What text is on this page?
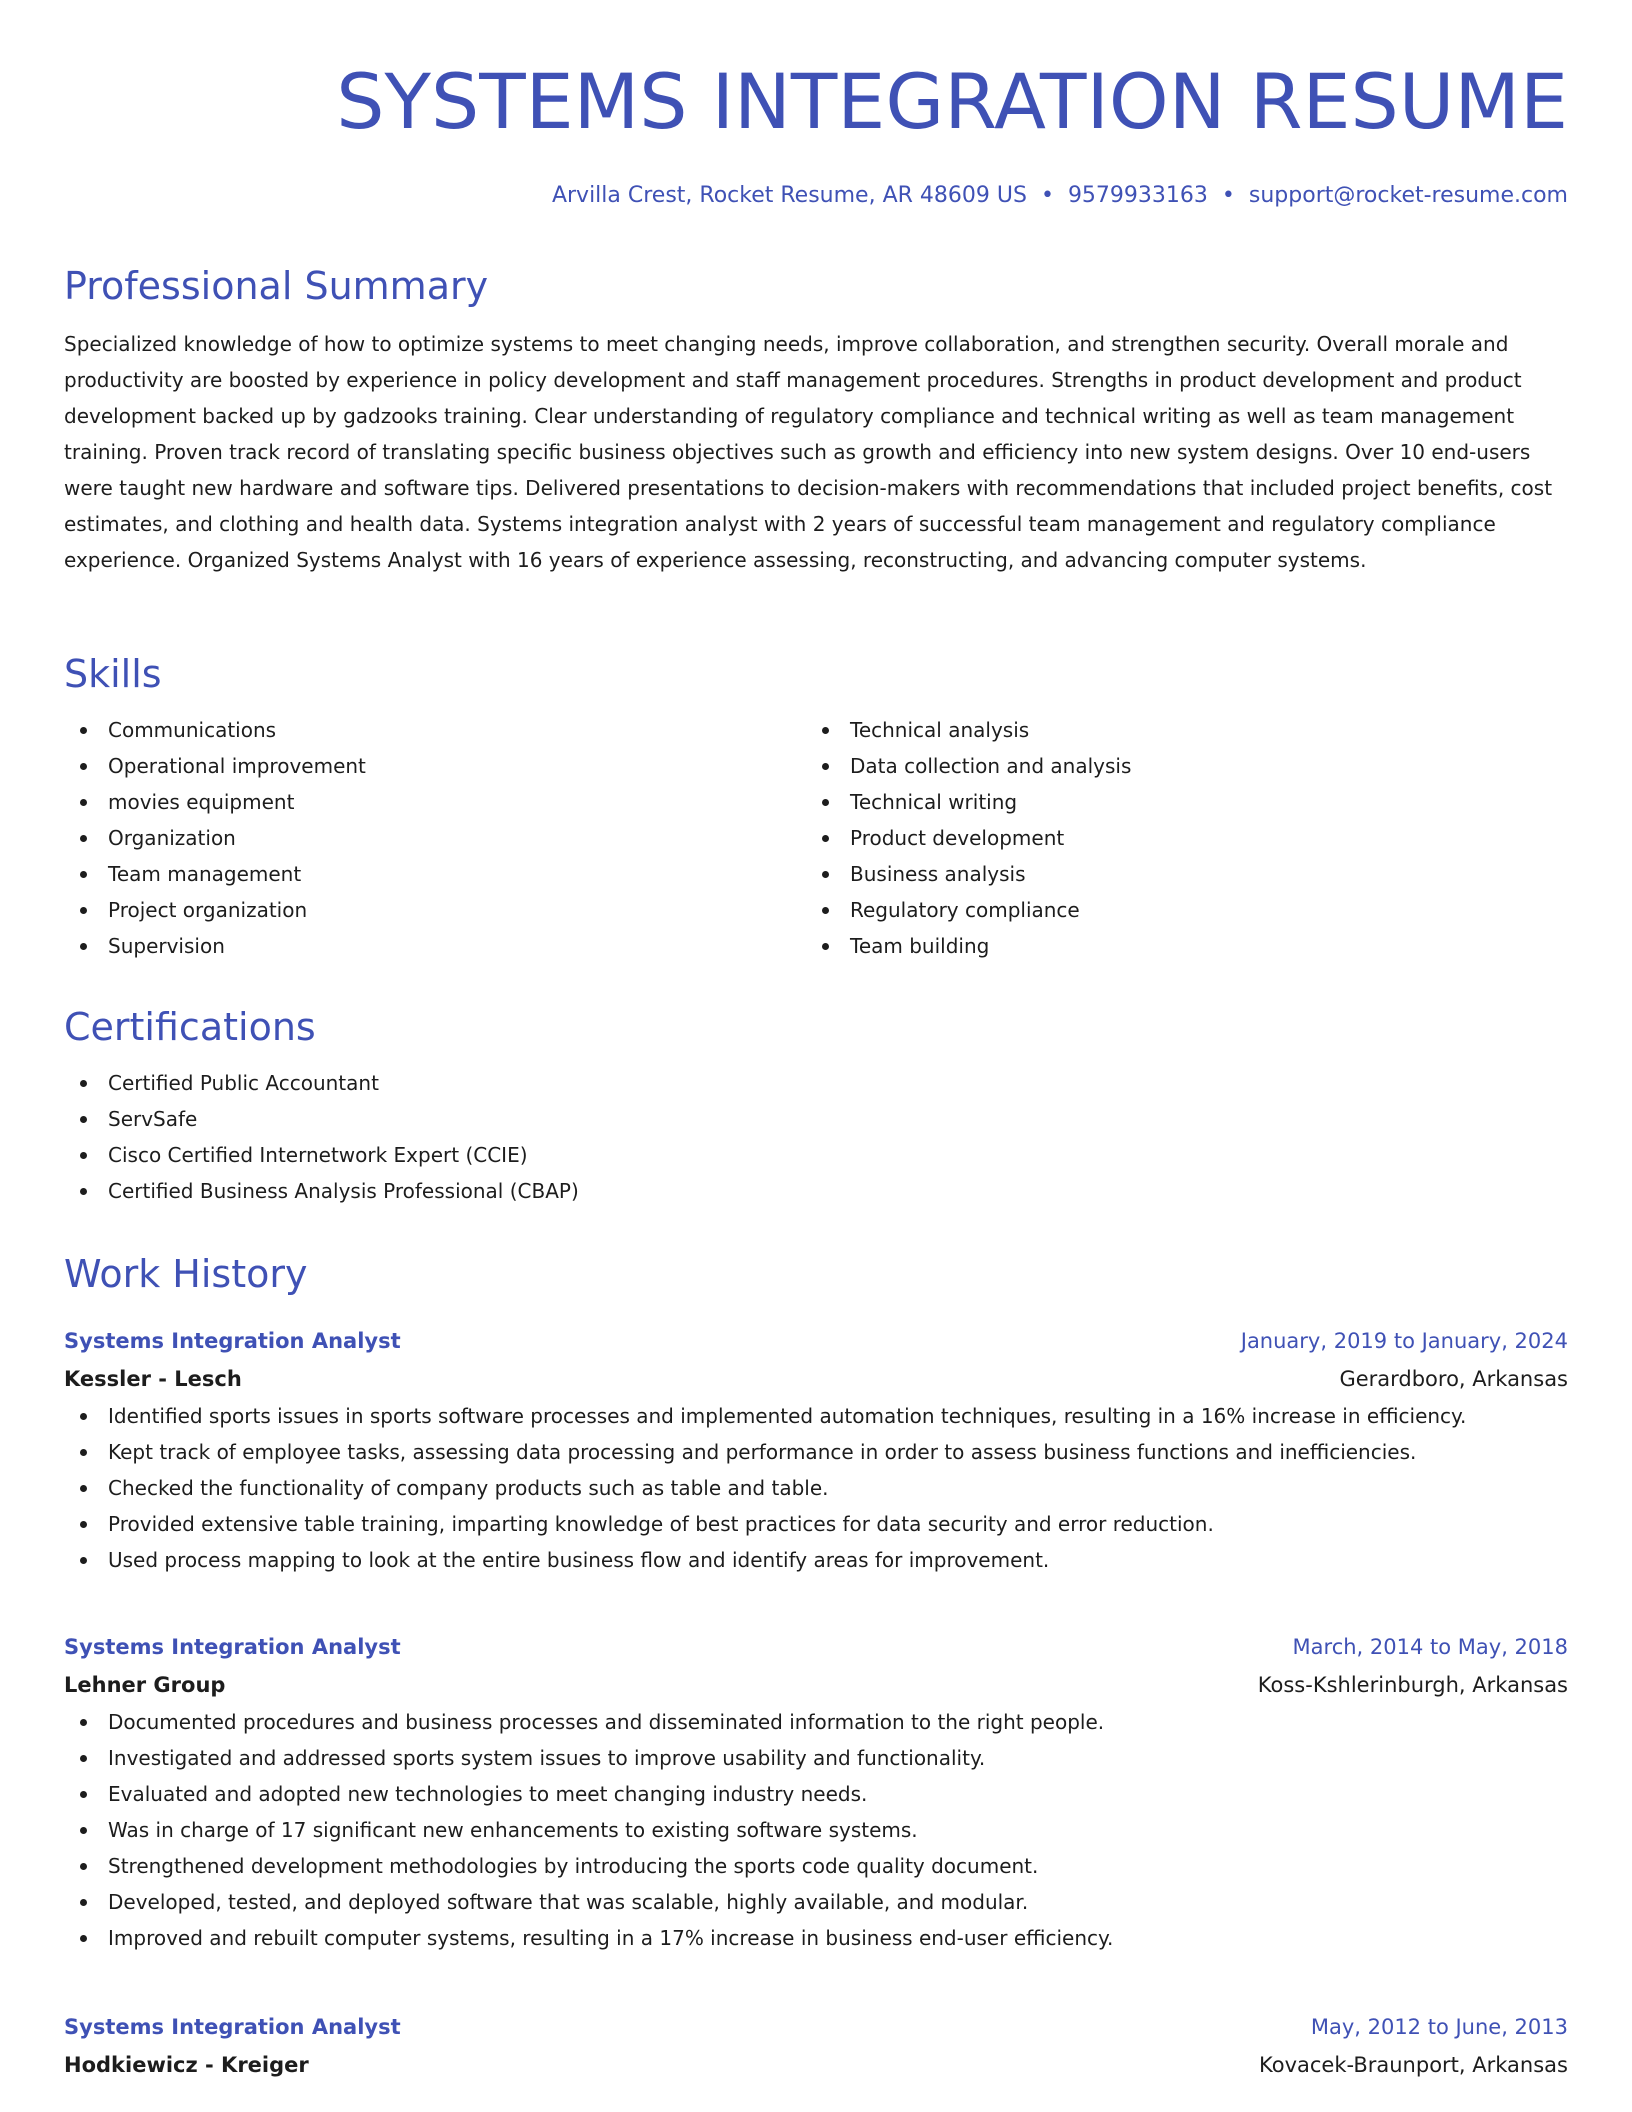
SYSTEMS INTEGRATION RESUME
Arvilla Crest, Rocket Resume, AR 48609 US • 9579933163 • support@rocket-resume.com
Professional Summary

Specialized knowledge of how to optimize systems to meet changing needs, improve collaboration, and strengthen security. Overall morale and productivity are boosted by experience in policy development and staff management procedures. Strengths in product development and product development backed up by gadzooks training. Clear understanding of regulatory compliance and technical writing as well as team management training. Proven track record of translating specific business objectives such as growth and efficiency into new system designs. Over 10 end-users were taught new hardware and software tips. Delivered presentations to decision-makers with recommendations that included project benefits, cost estimates, and clothing and health data. Systems integration analyst with 2 years of successful team management and regulatory compliance experience. Organized Systems Analyst with 16 years of experience assessing, reconstructing, and advancing computer systems.

Skills
Communications
Operational improvement
movies equipment
Organization
Team management
Project organization
Supervision
Technical analysis
Data collection and analysis
Technical writing
Product development
Business analysis
Regulatory compliance
Team building
Certifications
Certified Public Accountant
ServSafe
Cisco Certified Internetwork Expert (CCIE)
Certified Business Analysis Professional (CBAP)
Work History
Systems Integration Analyst	January, 2019 to January, 2024
Kessler - Lesch	Gerardboro, Arkansas
Identified sports issues in sports software processes and implemented automation techniques, resulting in a 16% increase in efficiency.
Kept track of employee tasks, assessing data processing and performance in order to assess business functions and inefficiencies.
Checked the functionality of company products such as table and table.
Provided extensive table training, imparting knowledge of best practices for data security and error reduction.
Used process mapping to look at the entire business flow and identify areas for improvement.
Systems Integration Analyst	March, 2014 to May, 2018
Lehner Group	Koss-Kshlerinburgh, Arkansas
Documented procedures and business processes and disseminated information to the right people.
Investigated and addressed sports system issues to improve usability and functionality.
Evaluated and adopted new technologies to meet changing industry needs.
Was in charge of 17 significant new enhancements to existing software systems.
Strengthened development methodologies by introducing the sports code quality document.
Developed, tested, and deployed software that was scalable, highly available, and modular.
Improved and rebuilt computer systems, resulting in a 17% increase in business end-user efficiency.
Systems Integration Analyst	May, 2012 to June, 2013
Hodkiewicz - Kreiger	Kovacek-Braunport, Arkansas
